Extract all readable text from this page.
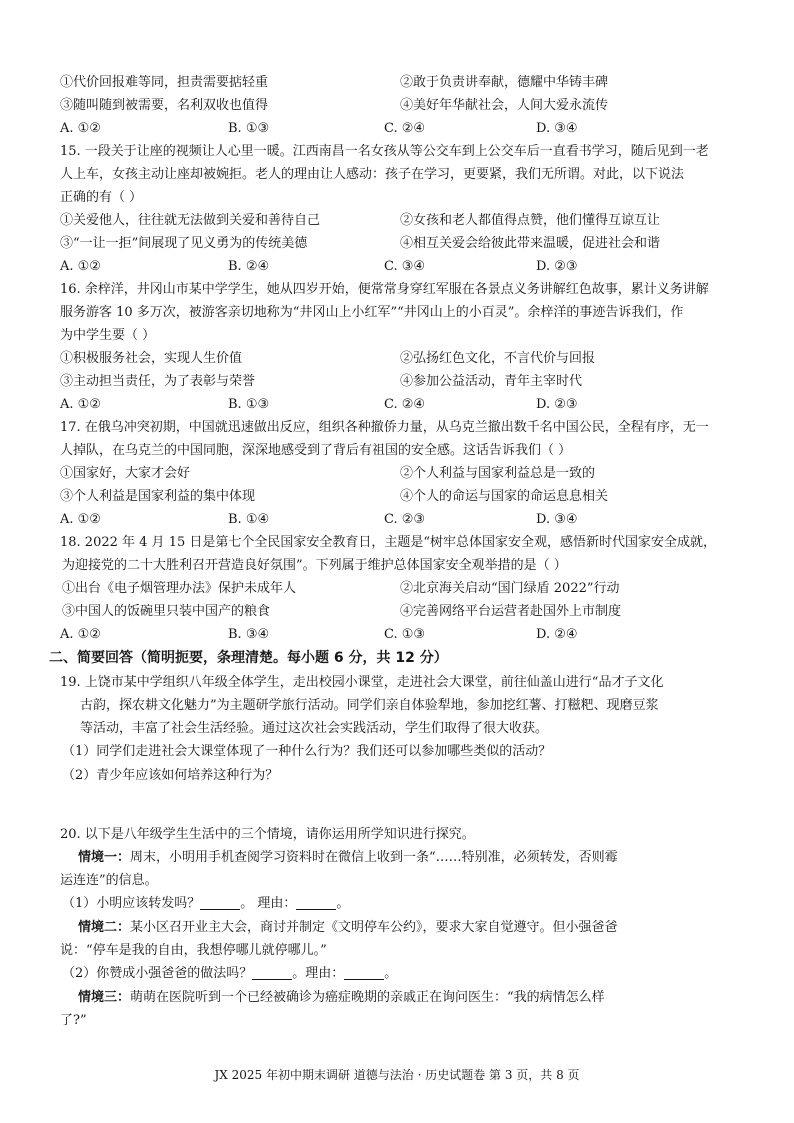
①代价回报难等同，担责需要掂轻重	②敢于负责讲奉献，德耀中华铸丰碑
③随叫随到被需要，名利双收也值得	④美好年华献社会，人间大爱永流传
A. ①②	B. ①③	C. ②④	D. ③④
15. 一段关于让座的视频让人心里一暖。江西南昌一名女孩从等公交车到上公交车后一直看书学习，随后见到一老
人上车，女孩主动让座却被婉拒。老人的理由让人感动：孩子在学习，更要紧，我们无所谓。对此，以下说法
正确的有（ ）
①关爱他人，往往就无法做到关爱和善待自己	②女孩和老人都值得点赞，他们懂得互谅互让
③“一让一拒”间展现了见义勇为的传统美德	④相互关爱会给彼此带来温暖，促进社会和谐
A. ①②	B. ②④	C. ③④	D. ②③
16. 余梓洋，井冈山市某中学学生，她从四岁开始，便常常身穿红军服在各景点义务讲解红色故事，累计义务讲解
服务游客 10 多万次，被游客亲切地称为“井冈山上小红军”“井冈山上的小百灵”。余梓洋的事迹告诉我们，作
为中学生要（ ）
①积极服务社会，实现人生价值	②弘扬红色文化，不言代价与回报
③主动担当责任，为了表彰与荣誉	④参加公益活动，青年主宰时代
A. ①②	B. ①③	C. ②④	D. ②③
17. 在俄乌冲突初期，中国就迅速做出反应，组织各种撤侨力量，从乌克兰撤出数千名中国公民，全程有序，无一
人掉队，在乌克兰的中国同胞，深深地感受到了背后有祖国的安全感。这话告诉我们（ ）
①国家好，大家才会好	②个人利益与国家利益总是一致的
③个人利益是国家利益的集中体现	④个人的命运与国家的命运息息相关
A. ①②	B. ①④	C. ②③	D. ③④
18. 2022 年 4 月 15 日是第七个全民国家安全教育日，主题是“树牢总体国家安全观，感悟新时代国家安全成就，
为迎接党的二十大胜利召开营造良好氛围”。下列属于维护总体国家安全观举措的是（ ）
①出台《电子烟管理办法》保护未成年人	②北京海关启动“国门绿盾 2022”行动
③中国人的饭碗里只装中国产的粮食	④完善网络平台运营者赴国外上市制度
A. ①②	B. ③④	C. ①③	D. ②④
二、简要回答（简明扼要，条理清楚。每小题 6 分，共 12 分）
19. 上饶市某中学组织八年级全体学生，走出校园小课堂，走进社会大课堂，前往仙盖山进行“品才子文化
古韵，探农耕文化魅力”为主题研学旅行活动。同学们亲自体验犁地，参加挖红薯、打糍粑、现磨豆浆
等活动，丰富了社会生活经验。通过这次社会实践活动，学生们取得了很大收获。
（1）同学们走进社会大课堂体现了一种什么行为？我们还可以参加哪些类似的活动？
（2）青少年应该如何培养这种行为？
20. 以下是八年级学生生活中的三个情境，请你运用所学知识进行探究。
情境一：周末，小明用手机查阅学习资料时在微信上收到一条“……特别准，必须转发，否则霉
运连连”的信息。
（1）小明应该转发吗？	。 理由：	。
情境二：某小区召开业主大会，商讨并制定《文明停车公约》，要求大家自觉遵守。但小强爸爸
说：“停车是我的自由，我想停哪儿就停哪儿。”
（2）你赞成小强爸爸的做法吗？	。理由：	。
情境三：萌萌在医院听到一个已经被确诊为癌症晚期的亲戚正在询问医生：“我的病情怎么样
了?”
JX 2025 年初中期末调研 道德与法治 · 历史试题卷 第 3 页，共 8 页
